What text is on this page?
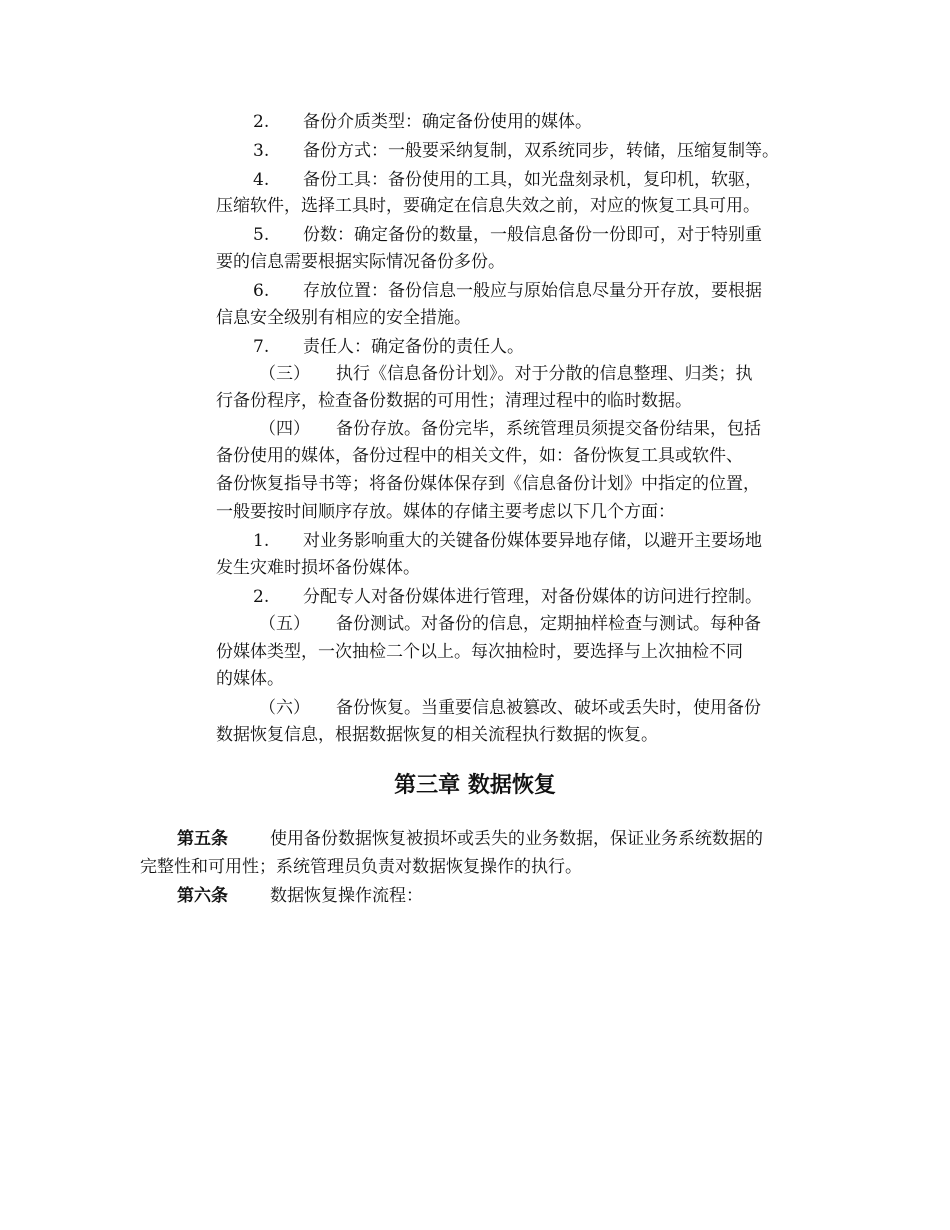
2. 备份介质类型：确定备份使用的媒体。
3. 备份方式：一般要采纳复制，双系统同步，转储，压缩复制等。
4. 备份工具：备份使用的工具，如光盘刻录机，复印机，软驱，
压缩软件，选择工具时，要确定在信息失效之前，对应的恢复工具可用。
5. 份数：确定备份的数量，一般信息备份一份即可，对于特别重
要的信息需要根据实际情况备份多份。
6. 存放位置：备份信息一般应与原始信息尽量分开存放，要根据
信息安全级别有相应的安全措施。
7. 责任人：确定备份的责任人。
（三） 执行《信息备份计划》。对于分散的信息整理、归类；执
行备份程序，检查备份数据的可用性；清理过程中的临时数据。
（四） 备份存放。备份完毕，系统管理员须提交备份结果，包括
备份使用的媒体，备份过程中的相关文件，如：备份恢复工具或软件、
备份恢复指导书等；将备份媒体保存到《信息备份计划》中指定的位置，
一般要按时间顺序存放。媒体的存储主要考虑以下几个方面：
1. 对业务影响重大的关键备份媒体要异地存储，以避开主要场地
发生灾难时损坏备份媒体。
2. 分配专人对备份媒体进行管理，对备份媒体的访问进行控制。
（五） 备份测试。对备份的信息，定期抽样检查与测试。每种备
份媒体类型，一次抽检二个以上。每次抽检时，要选择与上次抽检不同
的媒体。
（六） 备份恢复。当重要信息被篡改、破坏或丢失时，使用备份
数据恢复信息，根据数据恢复的相关流程执行数据的恢复。
第三章 数据恢复
第五条 使用备份数据恢复被损坏或丢失的业务数据，保证业务系统数据的
完整性和可用性；系统管理员负责对数据恢复操作的执行。
第六条 数据恢复操作流程：
